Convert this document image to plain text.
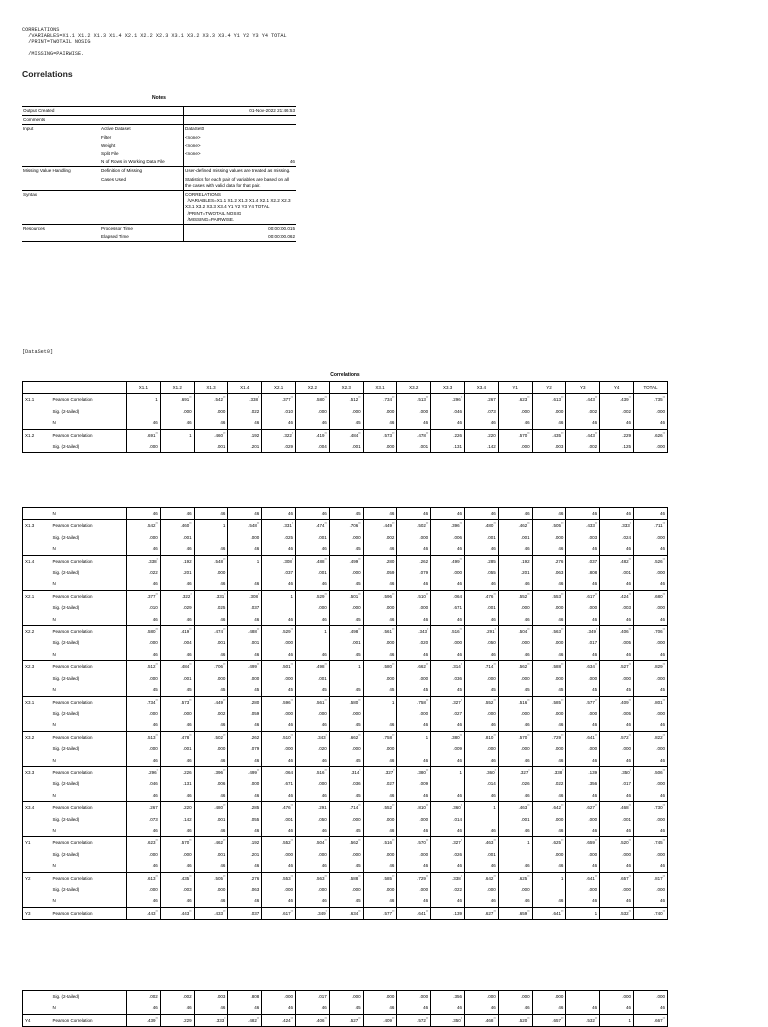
CORRELATIONS
/VARIABLES=X1.1 X1.2 X1.3 X1.4 X2.1 X2.2 X2.3 X3.1 X3.2 X3.3 X3.4 Y1 Y2 Y3 Y4 TOTAL
/PRINT=TWOTAIL NOSIG

/MISSING=PAIRWISE.
Correlations
Notes
Output Created		01-Nov-2022 21:46:53
Comments		
Input	Active Dataset	DataSet0
	Filter	<none>
	Weight	<none>
	Split File	<none>
	N of Rows in Working Data File	46
Missing Value Handling	Definition of Missing	User-defined missing values are treated as missing.
	Cases Used	Statistics for each pair of variables are based on all the cases with valid data for that pair.
Syntax		CORRELATIONS
/VARIABLES=X1.1 X1.2 X1.3 X1.4 X2.1 X2.2 X2.3 X3.1 X3.2 X3.3 X3.4 Y1 Y2 Y3 Y4 TOTAL
/PRINT=TWOTAIL NOSIG
/MISSING=PAIRWISE.
Resources	Processor Time	00:00:00.015
	Elapsed Time	00:00:00.062
[DataSet0]
Correlations
		X1.1	X1.2	X1.3	X1.4	X2.1	X2.2	X2.3	X3.1	X3.2	X3.3	X3.4	Y1	Y2	Y3	Y4	TOTAL
X1.1	Pearson Correlation	1	.691**	.542**	.338*	.377**	.580**	.512**	.734**	.513**	.296*	.267	.623**	.613**	.443**	.439**	.735**
	Sig. (2-tailed)		.000	.000	.022	.010	.000	.000	.000	.000	.046	.073	.000	.000	.002	.002	.000
	N	46	46	46	46	46	46	45	46	46	46	46	46	46	46	46	46
X1.2	Pearson Correlation	.691**	1	.460**	.192	.322*	.419**	.484**	.573**	.478**	.226	.220	.570**	.435**	.443**	.229	.626**
	Sig. (2-tailed)	.000		.001	.201	.029	.004	.001	.000	.001	.131	.142	.000	.003	.002	.125	.000
	N	46	46	46	46	46	46	45	46	46	46	46	46	46	46	46	46
X1.3	Pearson Correlation	.542**	.460**	1	.548**	.331*	.474**	.706**	.449**	.502**	.396**	.480**	.462**	.505**	.433**	.333*	.711**
	Sig. (2-tailed)	.000	.001		.000	.025	.001	.000	.002	.000	.006	.001	.001	.000	.003	.024	.000
	N	46	46	46	46	46	46	45	46	46	46	46	46	46	46	46	46
X1.4	Pearson Correlation	.338*	.192	.548**	1	.308*	.488**	.499**	.280	.262	.499**	.285	.192	.276	.037	.482**	.526**
	Sig. (2-tailed)	.022	.201	.000		.037	.001	.000	.059	.079	.000	.055	.201	.063	.808	.001	.000
	N	46	46	46	46	46	46	45	46	46	46	46	46	46	46	46	46
X2.1	Pearson Correlation	.377**	.322*	.331*	.308*	1	.529**	.501**	.596**	.510**	.064	.476**	.552**	.553**	.617**	.424**	.680**
	Sig. (2-tailed)	.010	.029	.025	.037		.000	.000	.000	.000	.671	.001	.000	.000	.000	.003	.000
	N	46	46	46	46	46	46	45	46	46	46	46	46	46	46	46	46
X2.2	Pearson Correlation	.580**	.419**	.474**	.488**	.529**	1	.498**	.561**	.343*	.516**	.291*	.504**	.563**	.349*	.406**	.706**
	Sig. (2-tailed)	.000	.004	.001	.001	.000		.001	.000	.020	.000	.050	.000	.000	.017	.005	.000
	N	46	46	46	46	46	46	45	46	46	46	46	46	46	46	46	46
X2.3	Pearson Correlation	.512**	.484**	.706**	.499**	.501**	.498**	1	.580**	.662**	.314*	.714**	.562**	.588**	.634**	.527**	.829**
	Sig. (2-tailed)	.000	.001	.000	.000	.000	.001		.000	.000	.036	.000	.000	.000	.000	.000	.000
	N	45	45	45	45	45	45	45	45	45	45	45	45	45	45	45	45
X3.1	Pearson Correlation	.734**	.573**	.449**	.280	.596**	.561**	.580**	1	.758**	.327*	.552**	.516**	.585**	.577**	.409**	.801**
	Sig. (2-tailed)	.000	.000	.002	.059	.000	.000	.000		.000	.027	.000	.000	.000	.000	.005	.000
	N	46	46	46	46	46	46	45	46	46	46	46	46	46	46	46	46
X3.2	Pearson Correlation	.513**	.478**	.502**	.262	.510**	.343*	.662**	.758**	1	.380**	.810**	.570**	.729**	.641**	.572**	.822**
	Sig. (2-tailed)	.000	.001	.000	.079	.000	.020	.000	.000		.009	.000	.000	.000	.000	.000	.000
	N	46	46	46	46	46	46	45	46	46	46	46	46	46	46	46	46
X3.3	Pearson Correlation	.296*	.226	.396**	.499**	.064	.516**	.314*	.327*	.380**	1	.360*	.327*	.338*	.139	.350*	.506**
	Sig. (2-tailed)	.046	.131	.006	.000	.671	.000	.036	.027	.009		.014	.026	.022	.356	.017	.000
	N	46	46	46	46	46	46	45	46	46	46	46	46	46	46	46	46
X3.4	Pearson Correlation	.267	.220	.480**	.285	.476**	.291	.714**	.552**	.810**	.360*	1	.463**	.642**	.627**	.468**	.730**
	Sig. (2-tailed)	.073	.142	.001	.055	.001	.050	.000	.000	.000	.014		.001	.000	.000	.001	.000
	N	46	46	46	46	46	46	45	46	46	46	46	46	46	46	46	46
Y1	Pearson Correlation	.623**	.570**	.462**	.192	.552**	.504**	.562**	.516**	.570**	.327*	.463**	1	.625**	.659**	.520**	.745**
	Sig. (2-tailed)	.000	.000	.001	.201	.000	.000	.000	.000	.000	.026	.001		.000	.000	.000	.000
	N	46	46	46	46	46	46	45	46	46	46	46	46	46	46	46	46
Y2	Pearson Correlation	.613**	.435**	.505**	.276	.553**	.563**	.588**	.585**	.729**	.338*	.642**	.625**	1	.641**	.657**	.817**
	Sig. (2-tailed)	.000	.003	.000	.063	.000	.000	.000	.000	.000	.022	.000	.000		.000	.000	.000
	N	46	46	46	46	46	46	45	46	46	46	46	46	46	46	46	46
Y3	Pearson Correlation	.443**	.443**	.433**	.037	.617**	.349*	.634**	.577**	.641**	.139	.627**	.659**	.641**	1	.532**	.740**
	Sig. (2-tailed)	.002	.002	.003	.808	.000	.017	.000	.000	.000	.356	.000	.000	.000		.000	.000
	N	46	46	46	46	46	46	45	46	46	46	46	46	46	46	46	46
Y4	Pearson Correlation	.439**	.229	.333*	.482**	.424**	.406**	.527**	.409**	.572**	.350*	.468**	.520**	.657**	.532**	1	.667**
